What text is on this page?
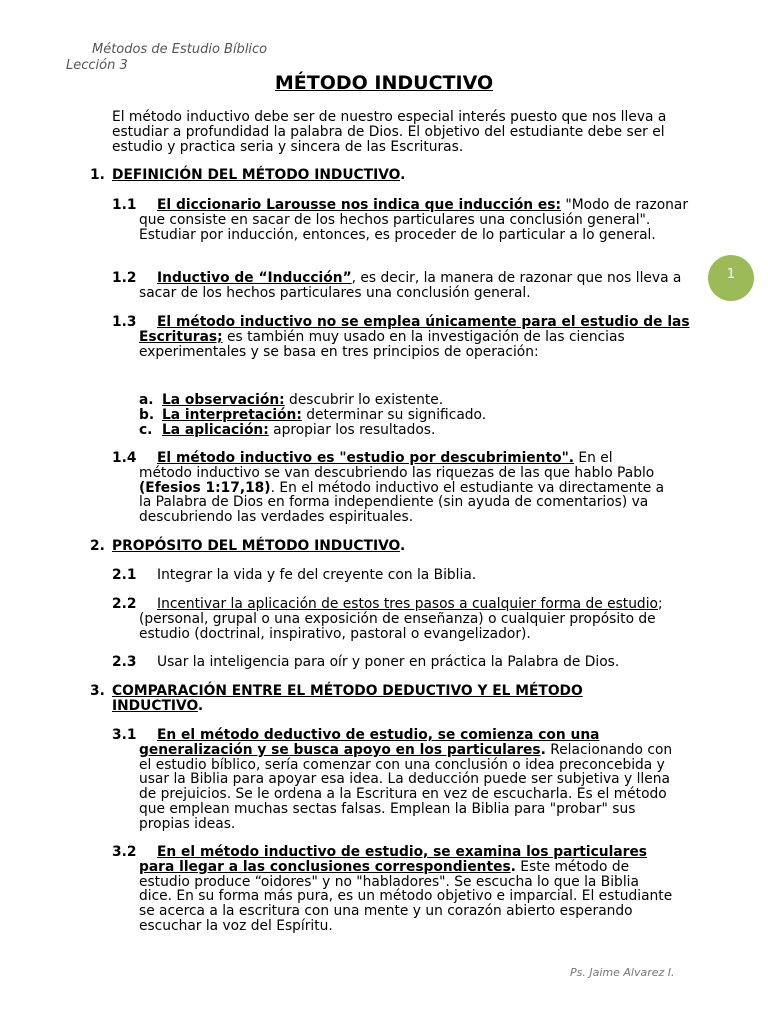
Métodos de Estudio Bíblico
Lección 3
MÉTODO INDUCTIVO

El método inductivo debe ser de nuestro especial interés puesto que nos lleva a estudiar a profundidad la palabra de Dios. El objetivo del estudiante debe ser el estudio y practica seria y sincera de las Escrituras.

1. DEFINICIÓN DEL MÉTODO INDUCTIVO.

1.1	El diccionario Larousse nos indica que inducción es: "Modo de razonar que consiste en sacar de los hechos particulares una conclusión general". Estudiar por inducción, entonces, es proceder de lo particular a lo general.

1.2	Inductivo de “Inducción”, es decir, la manera de razonar que nos lleva a sacar de los hechos particulares una conclusión general.

1.3	El método inductivo no se emplea únicamente para el estudio de las Escrituras; es también muy usado en la investigación de las ciencias experimentales y se basa en tres principios de operación:

a. La observación: descubrir lo existente.
b. La interpretación: determinar su significado.
c. La aplicación: apropiar los resultados.
1.4	El método inductivo es "estudio por descubrimiento". En el método inductivo se van descubriendo las riquezas de las que hablo Pablo (Efesios 1:17,18). En el método inductivo el estudiante va directamente a la Palabra de Dios en forma independiente (sin ayuda de comentarios) va descubriendo las verdades espirituales.

2. PROPÓSITO DEL MÉTODO INDUCTIVO.

2.1 Integrar la vida y fe del creyente con la Biblia.

2.2	Incentivar la aplicación de estos tres pasos a cualquier forma de estudio; (personal, grupal o una exposición de enseñanza) o cualquier propósito de estudio (doctrinal, inspirativo, pastoral o evangelizador).

2.3 Usar la inteligencia para oír y poner en práctica la Palabra de Dios.

3. COMPARACIÓN ENTRE EL MÉTODO DEDUCTIVO Y EL MÉTODO INDUCTIVO.

3.1	En el método deductivo de estudio, se comienza con una generalización y se busca apoyo en los particulares. Relacionando con el estudio bíblico, sería comenzar con una conclusión o idea preconcebida y usar la Biblia para apoyar esa idea. La deducción puede ser subjetiva y llena de prejuicios. Se le ordena a la Escritura en vez de escucharla. Es el método que emplean muchas sectas falsas. Emplean la Biblia para "probar" sus propias ideas.

3.2	En el método inductivo de estudio, se examina los particulares para llegar a las conclusiones correspondientes. Este método de estudio produce “oidores" y no "habladores". Se escucha lo que la Biblia dice. En su forma más pura, es un método objetivo e imparcial. El estudiante se acerca a la escritura con una mente y un corazón abierto esperando escuchar la voz del Espíritu.

1
Ps. Jaime Alvarez I.
